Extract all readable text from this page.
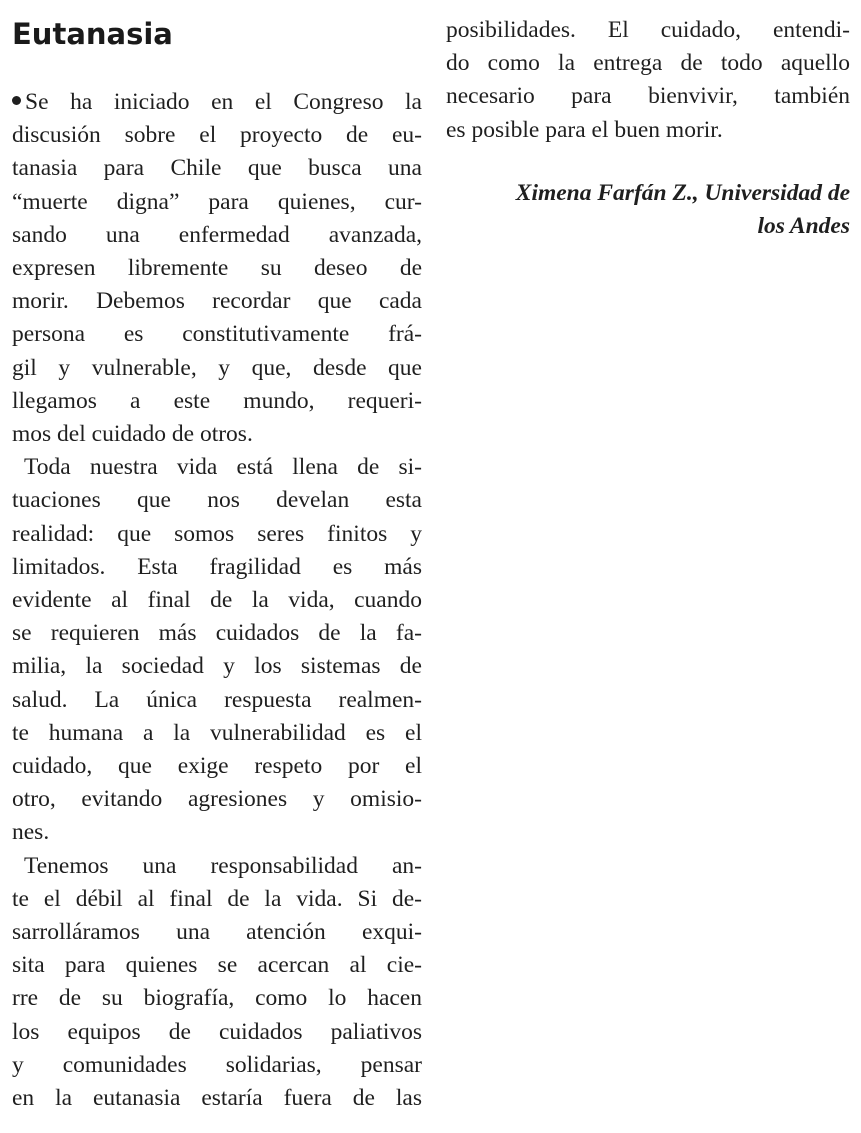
Eutanasia
Se ha iniciado en el Congreso la
discusión sobre el proyecto de eu-
tanasia para Chile que busca una
“muerte digna” para quienes, cur-
sando una enfermedad avanzada,
expresen libremente su deseo de
morir. Debemos recordar que cada
persona es constitutivamente frá-
gil y vulnerable, y que, desde que
llegamos a este mundo, requeri-
mos del cuidado de otros.
Toda nuestra vida está llena de si-
tuaciones que nos develan esta
realidad: que somos seres finitos y
limitados. Esta fragilidad es más
evidente al final de la vida, cuando
se requieren más cuidados de la fa-
milia, la sociedad y los sistemas de
salud. La única respuesta realmen-
te humana a la vulnerabilidad es el
cuidado, que exige respeto por el
otro, evitando agresiones y omisio-
nes.
Tenemos una responsabilidad an-
te el débil al final de la vida. Si de-
sarrolláramos una atención exqui-
sita para quienes se acercan al cie-
rre de su biografía, como lo hacen
los equipos de cuidados paliativos
y comunidades solidarias, pensar
en la eutanasia estaría fuera de las
posibilidades. El cuidado, entendi-
do como la entrega de todo aquello
necesario para bienvivir, también
es posible para el buen morir.
Ximena Farfán Z., Universidad de
los Andes
